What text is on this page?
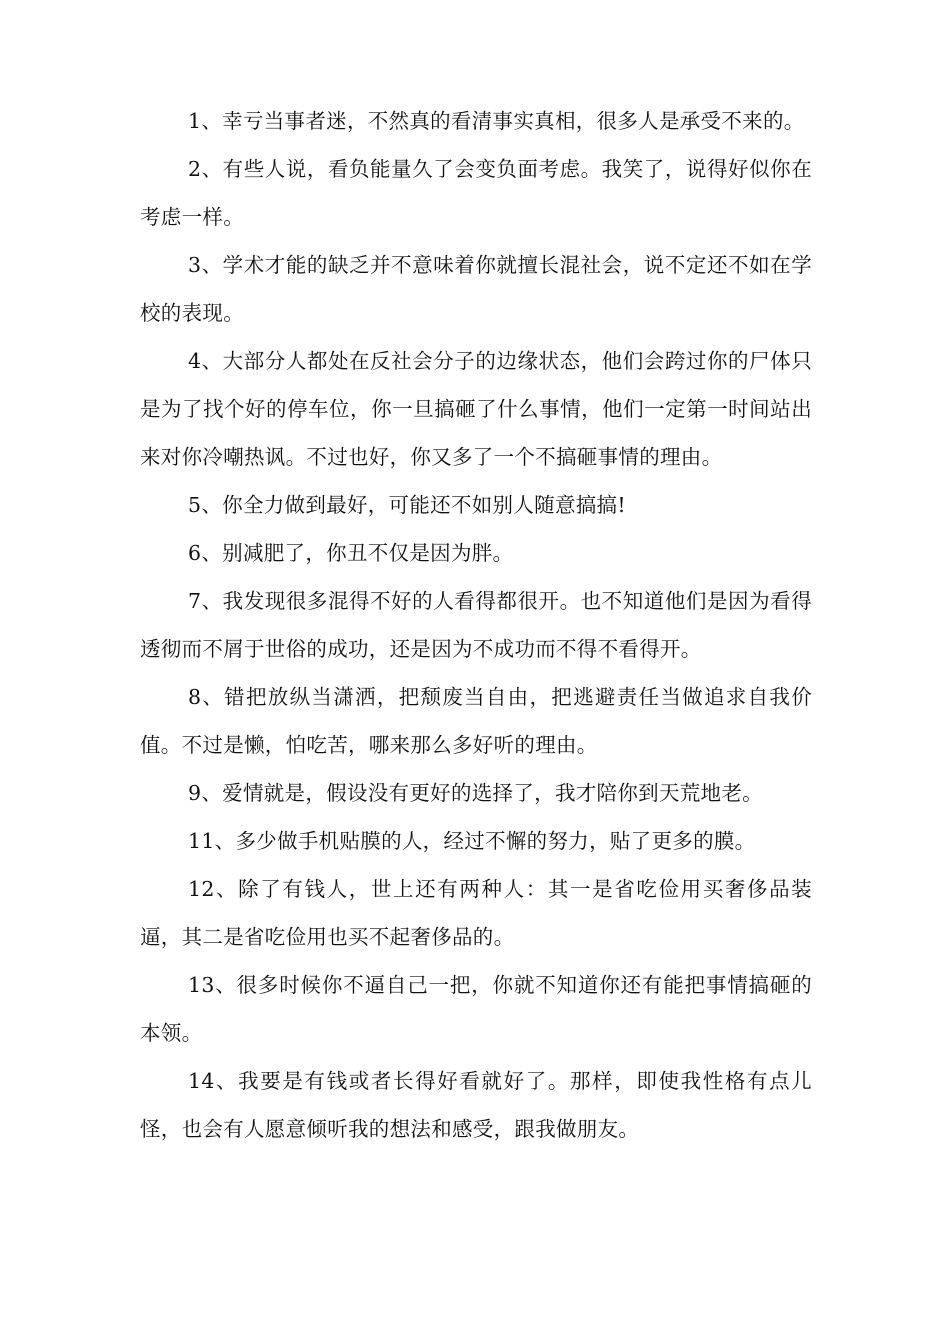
1、幸亏当事者迷，不然真的看清事实真相，很多人是承受不来的。

2、有些人说，看负能量久了会变负面考虑。我笑了，说得好似你在考虑一样。

3、学术才能的缺乏并不意味着你就擅长混社会，说不定还不如在学校的表现。

4、大部分人都处在反社会分子的边缘状态，他们会跨过你的尸体只是为了找个好的停车位，你一旦搞砸了什么事情，他们一定第一时间站出来对你冷嘲热讽。不过也好，你又多了一个不搞砸事情的理由。

5、你全力做到最好，可能还不如别人随意搞搞!

6、别减肥了，你丑不仅是因为胖。

7、我发现很多混得不好的人看得都很开。也不知道他们是因为看得透彻而不屑于世俗的成功，还是因为不成功而不得不看得开。

8、错把放纵当潇洒，把颓废当自由，把逃避责任当做追求自我价值。不过是懒，怕吃苦，哪来那么多好听的理由。

9、爱情就是，假设没有更好的选择了，我才陪你到天荒地老。

11、多少做手机贴膜的人，经过不懈的努力，贴了更多的膜。

12、除了有钱人，世上还有两种人：其一是省吃俭用买奢侈品装逼，其二是省吃俭用也买不起奢侈品的。

13、很多时候你不逼自己一把，你就不知道你还有能把事情搞砸的本领。

14、我要是有钱或者长得好看就好了。那样，即使我性格有点儿怪，也会有人愿意倾听我的想法和感受，跟我做朋友。
